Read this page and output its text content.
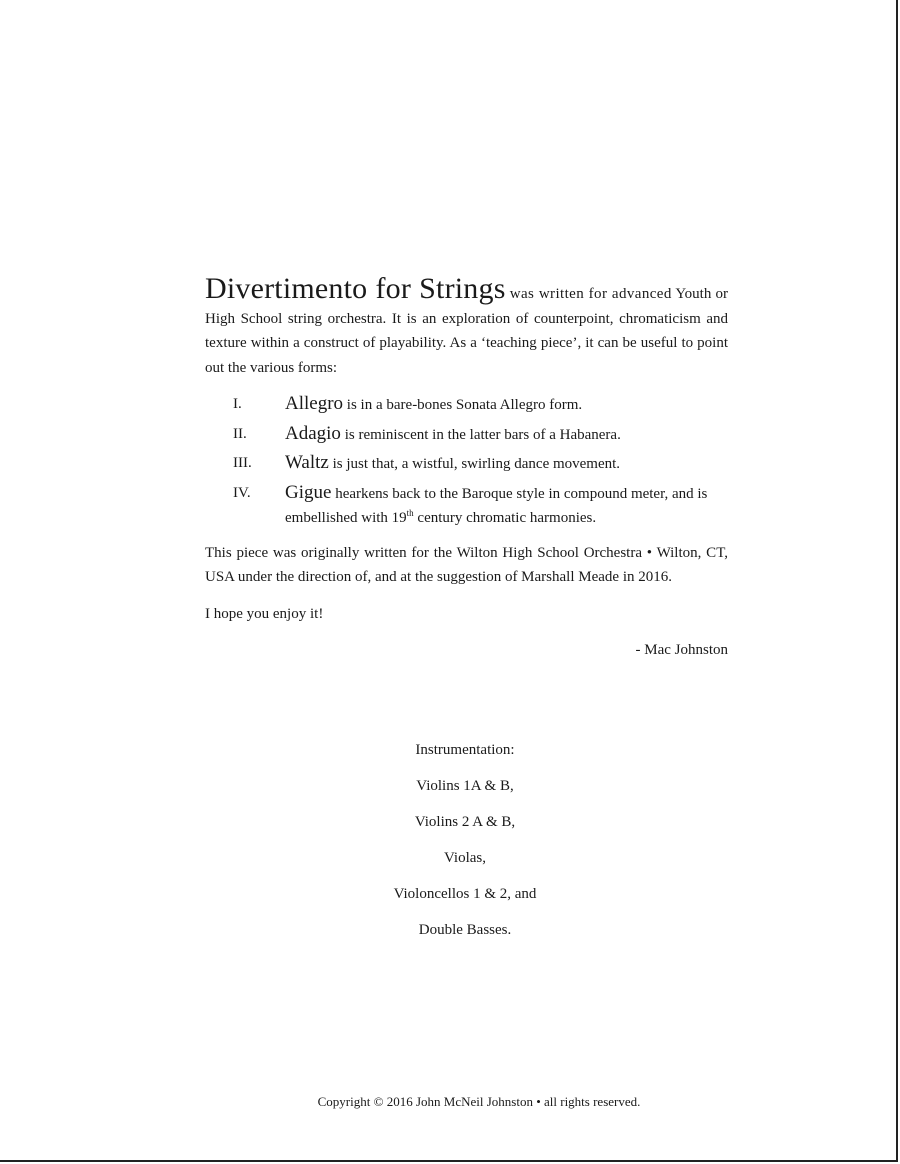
Divertimento for Strings was written for advanced Youth or High School string orchestra. It is an exploration of counterpoint, chromaticism and texture within a construct of playability. As a ‘teaching piece’, it can be useful to point out the various forms:

I.	Allegro is in a bare-bones Sonata Allegro form.
II.	Adagio is reminiscent in the latter bars of a Habanera.
III.	Waltz is just that, a wistful, swirling dance movement.
IV.	Gigue hearkens back to the Baroque style in compound meter, and is embellished with 19th century chromatic harmonies.

This piece was originally written for the Wilton High School Orchestra • Wilton, CT, USA under the direction of, and at the suggestion of Marshall Meade in 2016.

I hope you enjoy it!

- Mac Johnston

Instrumentation:
Violins 1A & B,
Violins 2 A & B,
Violas,
Violoncellos 1 & 2, and
Double Basses.
Copyright © 2016 John McNeil Johnston • all rights reserved.
